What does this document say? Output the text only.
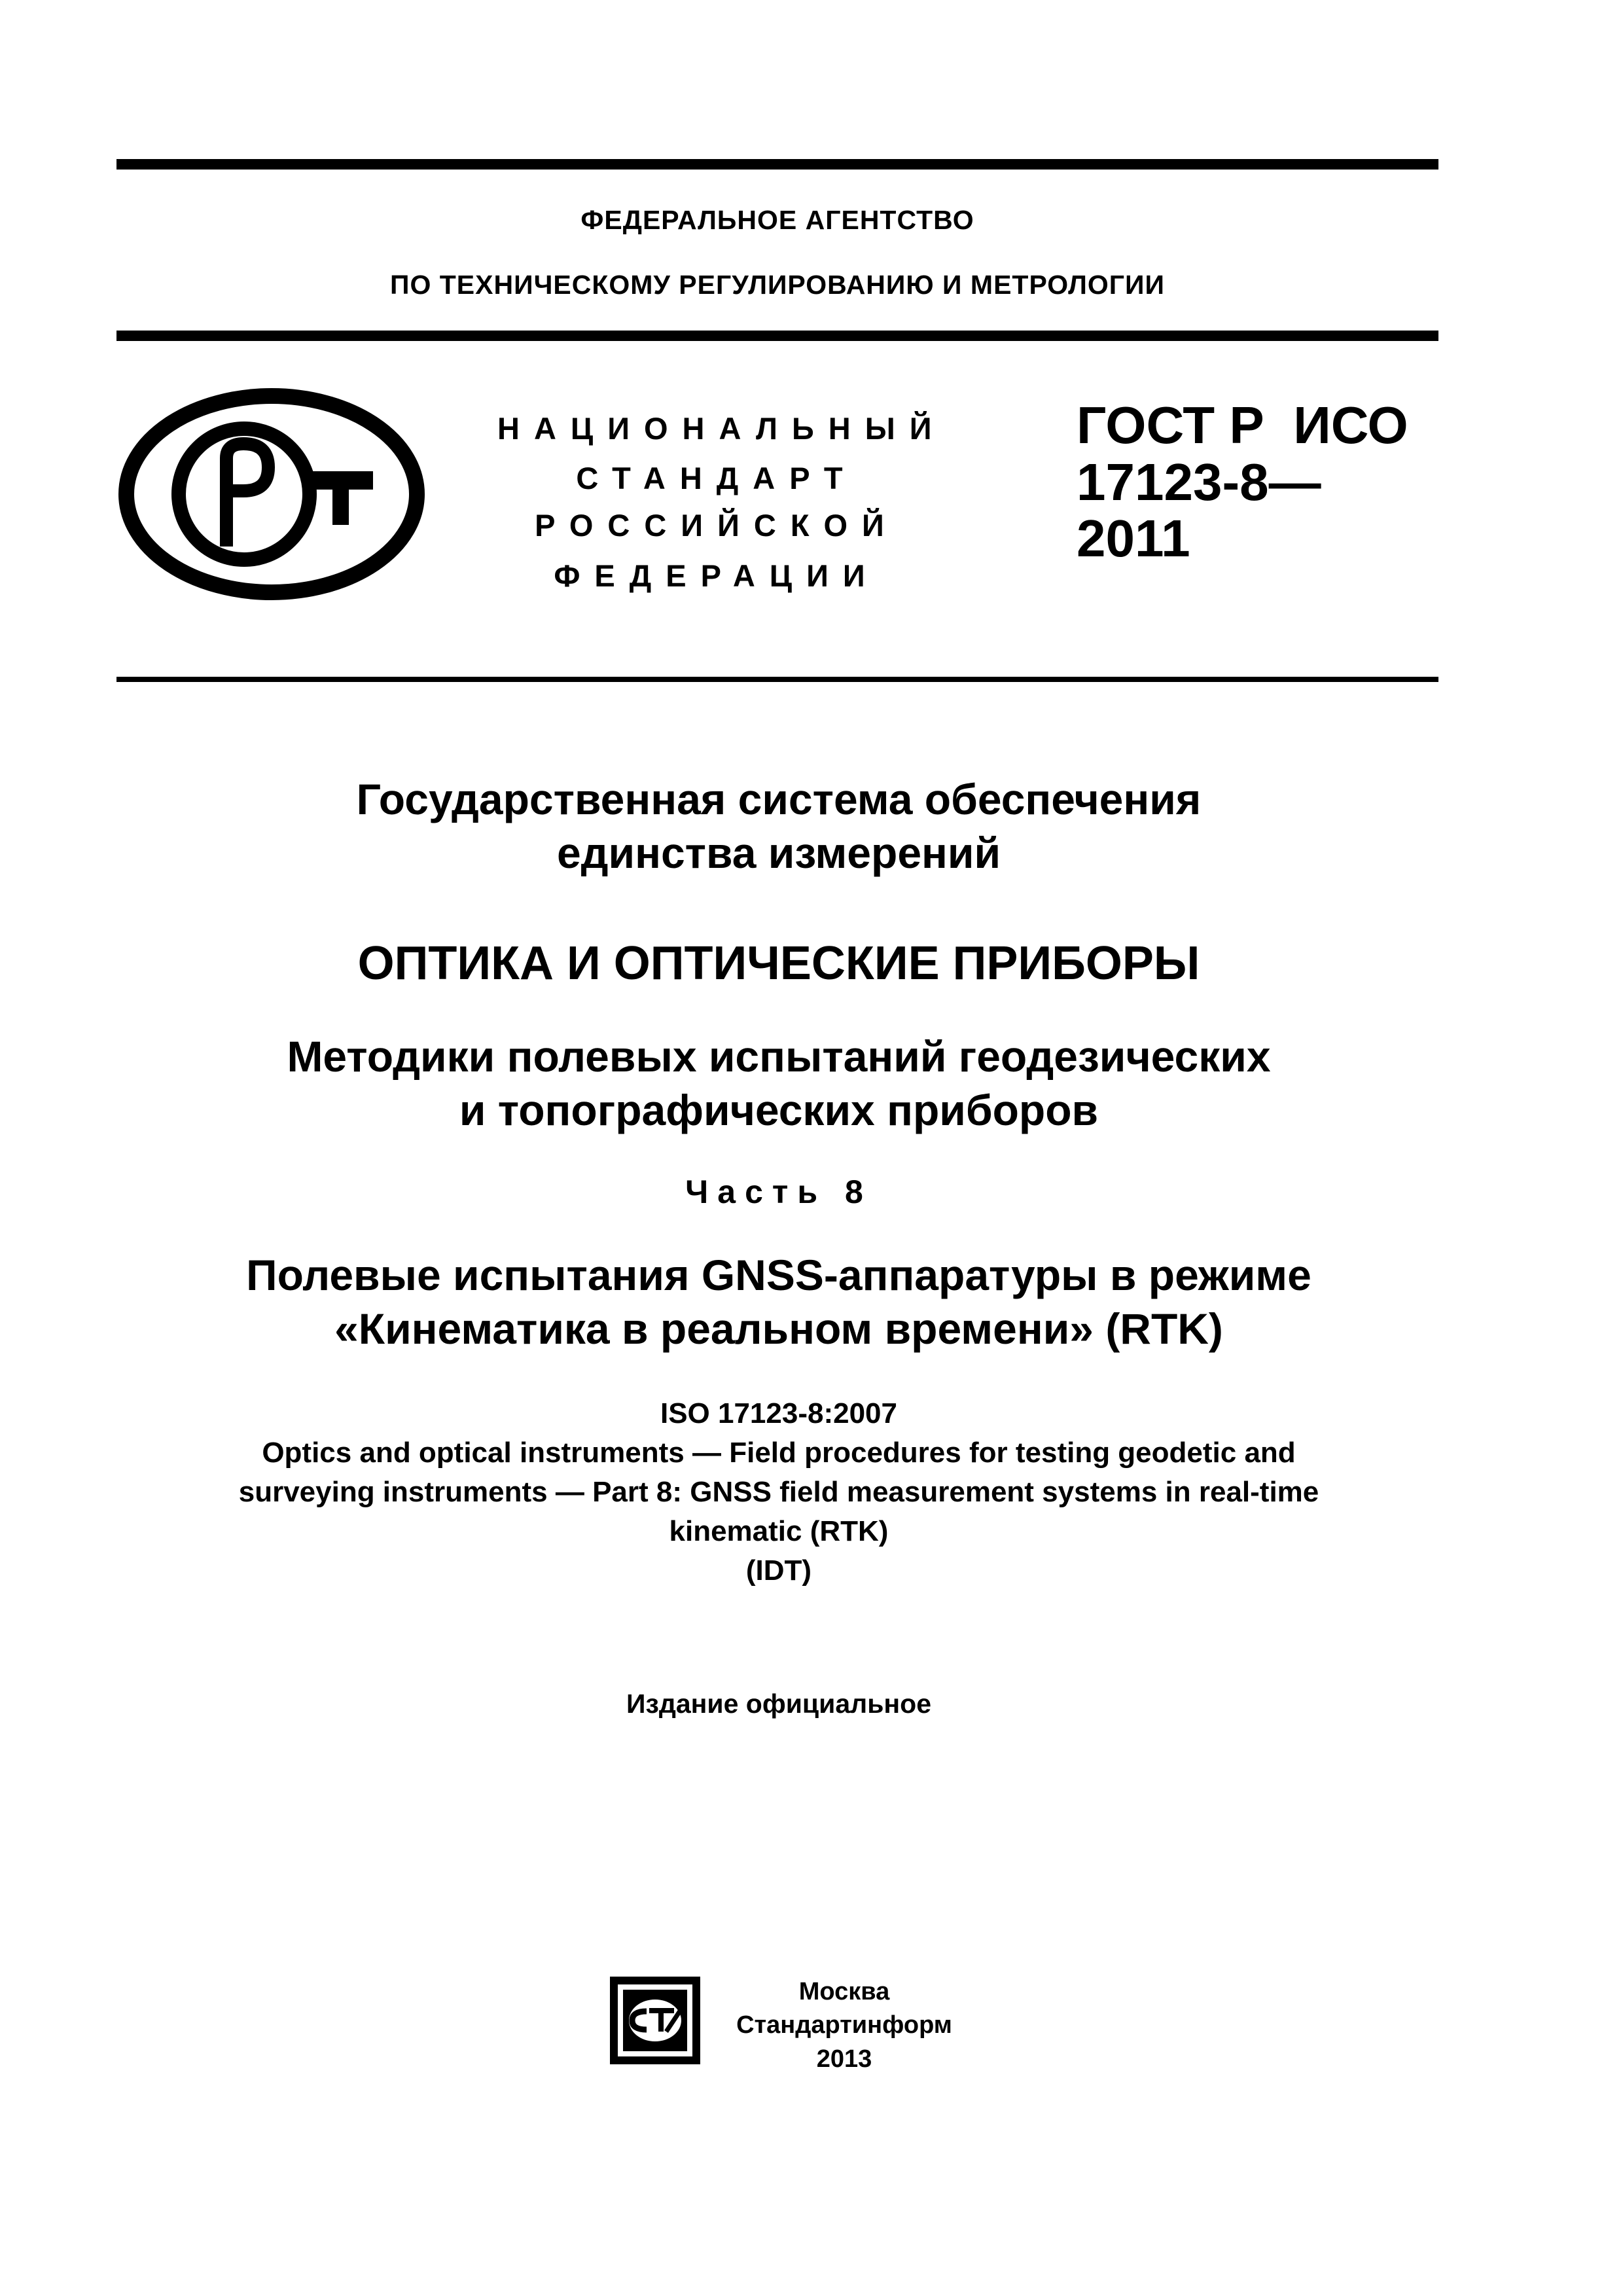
ФЕДЕРАЛЬНОЕ АГЕНТСТВО
ПО ТЕХНИЧЕСКОМУ РЕГУЛИРОВАНИЮ И МЕТРОЛОГИИ
НАЦИОНАЛЬНЫЙ
СТАНДАРТ
РОССИЙСКОЙ
ФЕДЕРАЦИИ
ГОСТ Р  ИСО
17123-8—
2011
Государственная система обеспечения
единства измерений
ОПТИКА И ОПТИЧЕСКИЕ ПРИБОРЫ
Методики полевых испытаний геодезических
и топографических приборов
Часть 8
Полевые испытания GNSS-аппаратуры в режиме
«Кинематика в реальном времени» (RTK)
ISO 17123-8:2007
Optics and optical instruments — Field procedures for testing geodetic and
surveying instruments — Part 8: GNSS field measurement systems in real-time
kinematic (RTK)
(IDT)
Издание официальное
Москва
Стандартинформ
2013
